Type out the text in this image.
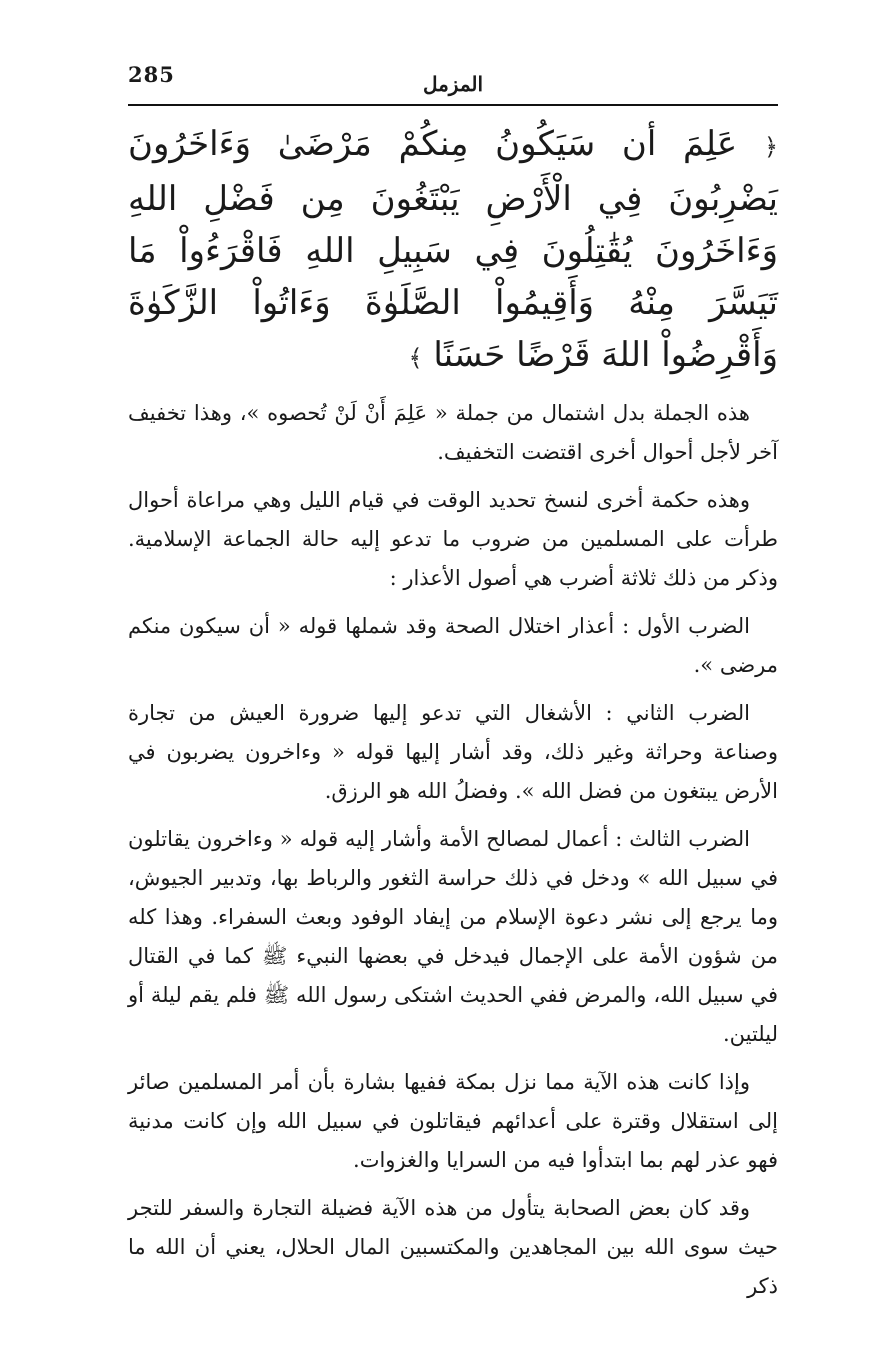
285	المزمل

﴿ عَلِمَ أن سَيَكُونُ مِنكُمْ مَرْضَىٰ وَءَاخَرُونَ يَضْرِبُونَ فِي الْأَرْضِ يَبْتَغُونَ مِن فَضْلِ اللهِ وَءَاخَرُونَ يُقَٰتِلُونَ فِي سَبِيلِ اللهِ فَاقْرَءُواْ مَا تَيَسَّرَ مِنْهُ وَأَقِيمُواْ الصَّلَوٰةَ وَءَاتُواْ الزَّكَوٰةَ وَأَقْرِضُواْ اللهَ قَرْضًا حَسَنًا ﴾

هذه الجملة بدل اشتمال من جملة « عَلِمَ أَنْ لَنْ تُحصوه »، وهذا تخفيف آخر لأجل أحوال أخرى اقتضت التخفيف.

وهذه حكمة أخرى لنسخ تحديد الوقت في قيام الليل وهي مراعاة أحوال طرأت على المسلمين من ضروب ما تدعو إليه حالة الجماعة الإسلامية. وذكر من ذلك ثلاثة أضرب هي أصول الأعذار :

الضرب الأول : أعذار اختلال الصحة وقد شملها قوله « أن سيكون منكم مرضى ».

الضرب الثاني : الأشغال التي تدعو إليها ضرورة العيش من تجارة وصناعة وحراثة وغير ذلك، وقد أشار إليها قوله « وءاخرون يضربون في الأرض يبتغون من فضل الله ». وفضلُ الله هو الرزق.

الضرب الثالث : أعمال لمصالح الأمة وأشار إليه قوله « وءاخرون يقاتلون في سبيل الله » ودخل في ذلك حراسة الثغور والرباط بها، وتدبير الجيوش، وما يرجع إلى نشر دعوة الإسلام من إيفاد الوفود وبعث السفراء. وهذا كله من شؤون الأمة على الإجمال فيدخل في بعضها النبيء ﷺ كما في القتال في سبيل الله، والمرض ففي الحديث اشتكى رسول الله ﷺ فلم يقم ليلة أو ليلتين.

وإذا كانت هذه الآية مما نزل بمكة ففيها بشارة بأن أمر المسلمين صائر إلى استقلال وقترة على أعدائهم فيقاتلون في سبيل الله وإن كانت مدنية فهو عذر لهم بما ابتدأوا فيه من السرايا والغزوات.

وقد كان بعض الصحابة يتأول من هذه الآية فضيلة التجارة والسفر للتجر حيث سوى الله بين المجاهدين والمكتسبين المال الحلال، يعني أن الله ما ذكر
